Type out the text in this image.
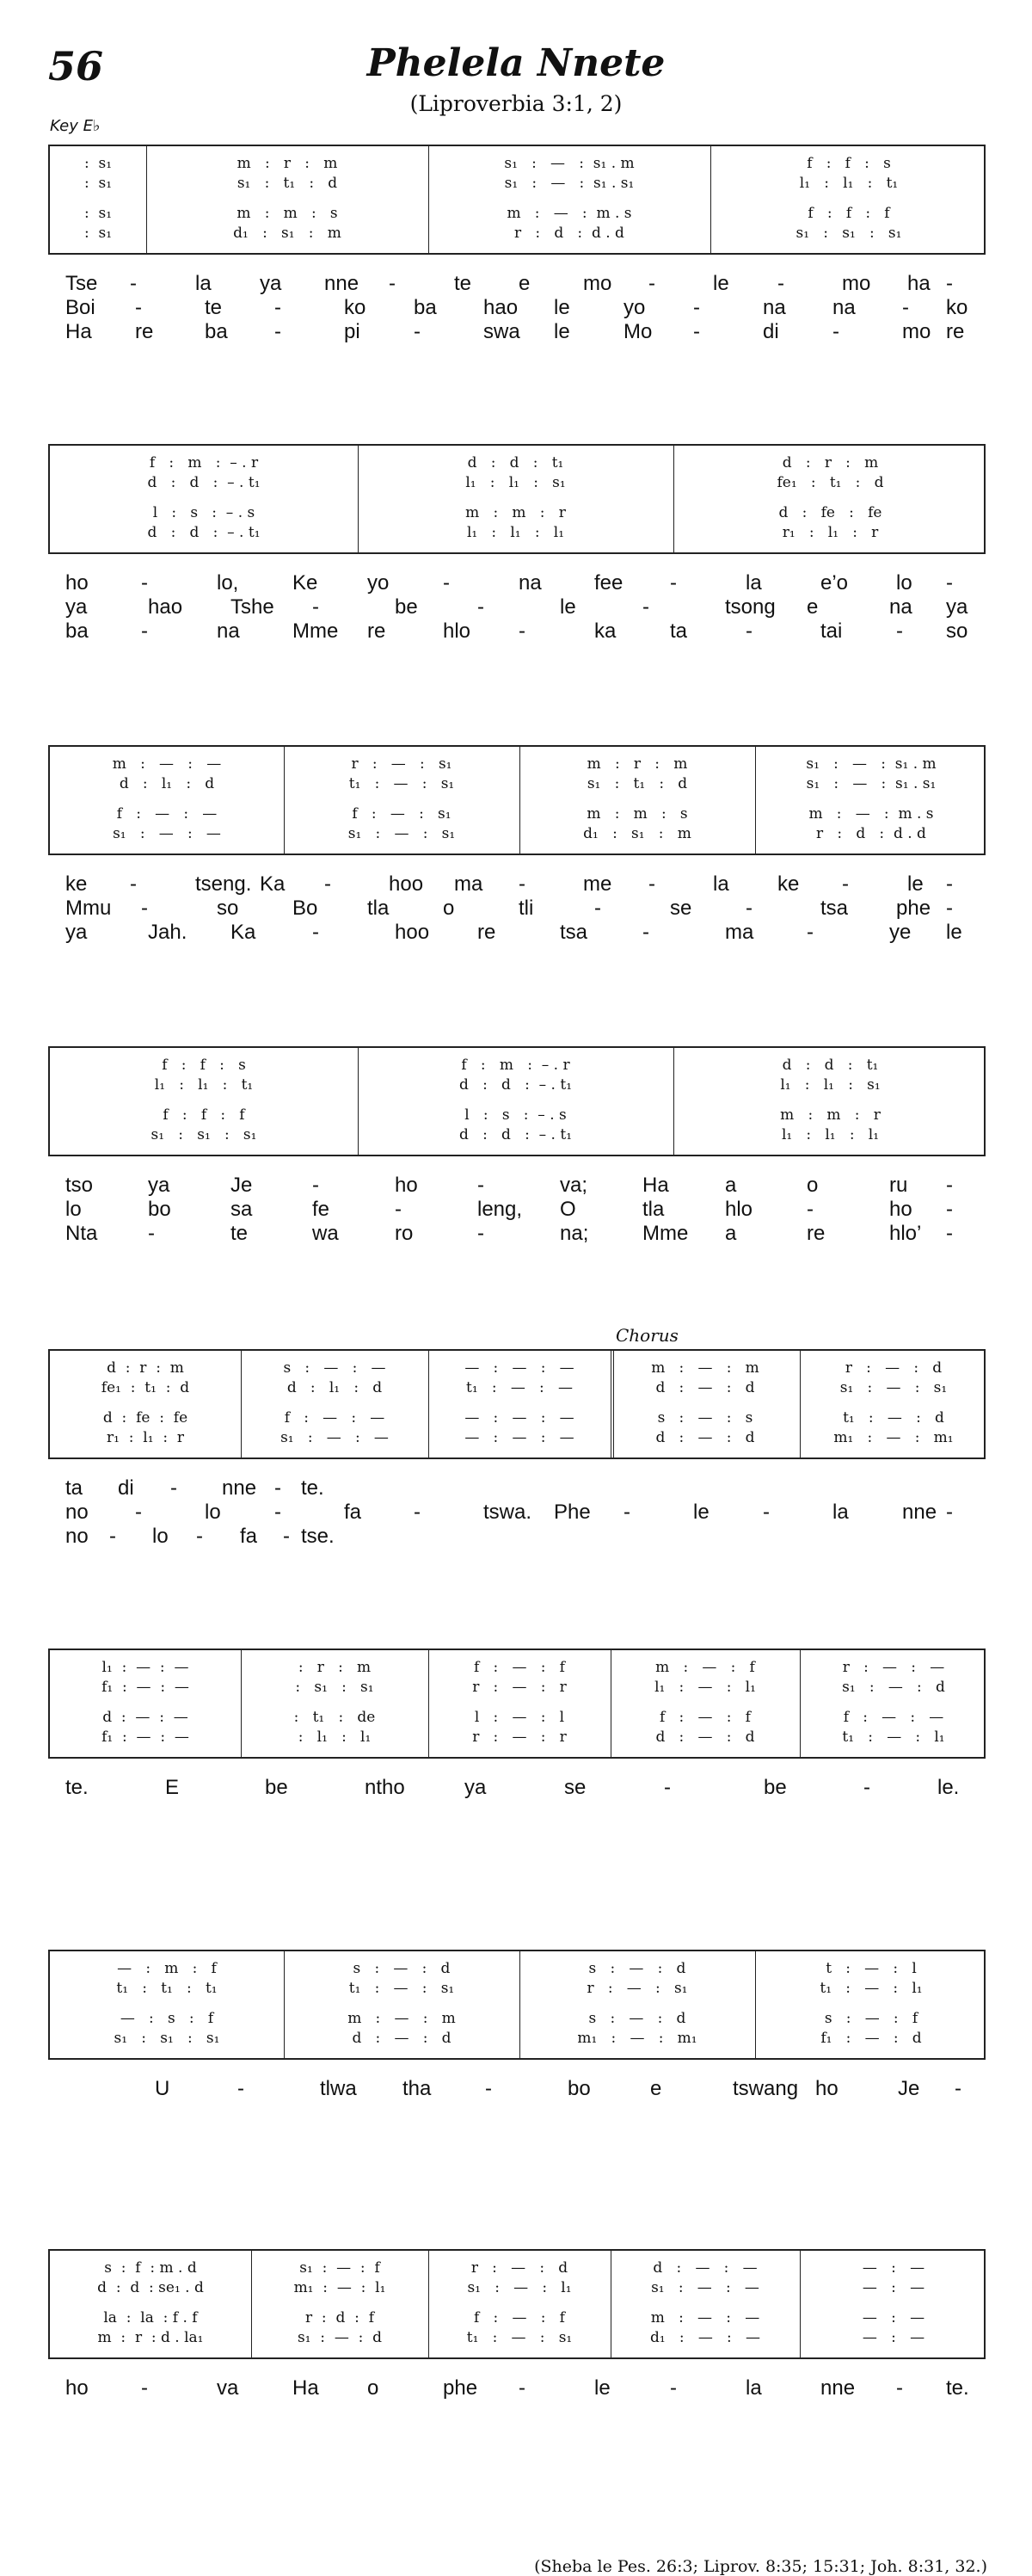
56	Phelela Nnete
(Liproverbia 3:1, 2)
Key E♭
Chorus
(Sheba le Pes. 26:3; Liprov. 8:35; 15:31; Joh. 8:31, 32.)
:  s₁	m   :   r   :   m	s₁   :   —   :  s₁ . m	f   :   f   :   s
:  s₁	s₁   :   t₁   :   d	s₁   :   —   :  s₁ . s₁	l₁   :   l₁   :   t₁
:  s₁	m   :   m   :   s	m   :   —   :  m . s	f   :   f   :   f
:  s₁	d₁   :   s₁   :   m	r   :   d   :  d . d	s₁   :   s₁   :   s₁
f   :   m   :  – . r	d   :   d   :   t₁	d   :   r   :   m
d   :   d   :  – . t₁	l₁   :   l₁   :   s₁	fe₁   :   t₁   :   d
l   :   s   :  – . s	m   :   m   :   r	d   :   fe   :   fe
d   :   d   :  – . t₁	l₁   :   l₁   :   l₁	r₁   :   l₁   :   r
m   :   —   :   —	r   :   —   :   s₁	m   :   r   :   m	s₁   :   —   :  s₁ . m
d   :   l₁   :   d	t₁   :   —   :   s₁	s₁   :   t₁   :   d	s₁   :   —   :  s₁ . s₁
f   :   —   :   —	f   :   —   :   s₁	m   :   m   :   s	m   :   —   :  m . s
s₁   :   —   :   —	s₁   :   —   :   s₁	d₁   :   s₁   :   m	r   :   d   :  d . d
f   :   f   :   s	f   :   m   :  – . r	d   :   d   :   t₁
l₁   :   l₁   :   t₁	d   :   d   :  – . t₁	l₁   :   l₁   :   s₁
f   :   f   :   f	l   :   s   :  – . s	m   :   m   :   r
s₁   :   s₁   :   s₁	d   :   d   :  – . t₁	l₁   :   l₁   :   l₁
d  :  r  :  m	s   :   —   :   —	—   :   —   :   —	m   :   —   :   m	r   :   —   :   d
fe₁  :  t₁  :  d	d   :   l₁   :   d	t₁   :   —   :   —	d   :   —   :   d	s₁   :   —   :   s₁
d  :  fe  :  fe	f   :   —   :   —	—   :   —   :   —	s   :   —   :   s	t₁   :   —   :   d
r₁  :  l₁  :  r	s₁   :   —   :   —	—   :   —   :   —	d   :   —   :   d	m₁   :   —   :   m₁
l₁  :  —  :  —	:   r   :   m	f   :   —   :   f	m   :   —   :   f	r   :   —   :   —
f₁  :  —  :  —	:   s₁   :   s₁	r   :   —   :   r	l₁   :   —   :   l₁	s₁   :   —   :   d
d  :  —  :  —	:   t₁   :   de	l   :   —   :   l	f   :   —   :   f	f   :   —   :   —
f₁  :  —  :  —	:   l₁   :   l₁	r   :   —   :   r	d   :   —   :   d	t₁   :   —   :   l₁
—   :   m   :   f	s   :   —   :   d	s   :   —   :   d	t   :   —   :   l
t₁   :   t₁   :   t₁	t₁   :   —   :   s₁	r   :   —   :   s₁	t₁   :   —   :   l₁
—   :   s   :   f	m   :   —   :   m	s   :   —   :   d	s   :   —   :   f
s₁   :   s₁   :   s₁	d   :   —   :   d	m₁   :   —   :   m₁	f₁   :   —   :   d
s  :  f  : m . d	s₁  :  —  :  f	r   :   —   :   d	d   :   —   :   —	—   :   —
d  :  d  : se₁ . d	m₁  :  —  :  l₁	s₁   :   —   :   l₁	s₁   :   —   :   —	—   :   —
la  :  la  : f . f	r  :  d  :  f	f   :   —   :   f	m   :   —   :   —	—   :   —
m  :  r  : d . la₁	s₁  :  —  :  d	t₁   :   —   :   s₁	d₁   :   —   :   —	—   :   —
Tse -	la ya nne -	te e	mo -	le -	mo ha -
Boi -	te	-	ko ba hao le	yo -	na na - ko
Ha re ba -	pi	-	swa le	Mo -	di	-	mo re
ho	-	lo,	Ke yo	-	na	fee -	la	e’o lo -
ya	hao Tshe -	be	-	le	-	tsong e	na ya
ba	-	na	Mme re	hlo -	ka	ta	-	tai	- so
ke -	tseng. Ka -	hoo ma -	me -	la ke -	le -
Mmu -	so	Bo tla	o	tli	-	se	-	tsa phe -
ya	Jah. Ka	-	hoo re	tsa	-	ma	-	ye le
tso	ya	Je	-	ho	-	va;	Ha	a	o	ru -
lo	bo	sa	fe	-	leng, O	tla	hlo	-	ho -
Nta -	te	wa	ro	-	na;	Mme a	re	hlo’ -
ta di - nne - te.
no -	lo	-	fa	-	tswa. Phe -	le	-	la	nne -
no - lo - fa - tse.
te.	E	be	ntho	ya	se	-	be	-	le.
U	-	tlwa tha	-	bo	e	tswang ho	Je -
ho	-	va	Ha o	phe -	le	-	la	nne - te.
